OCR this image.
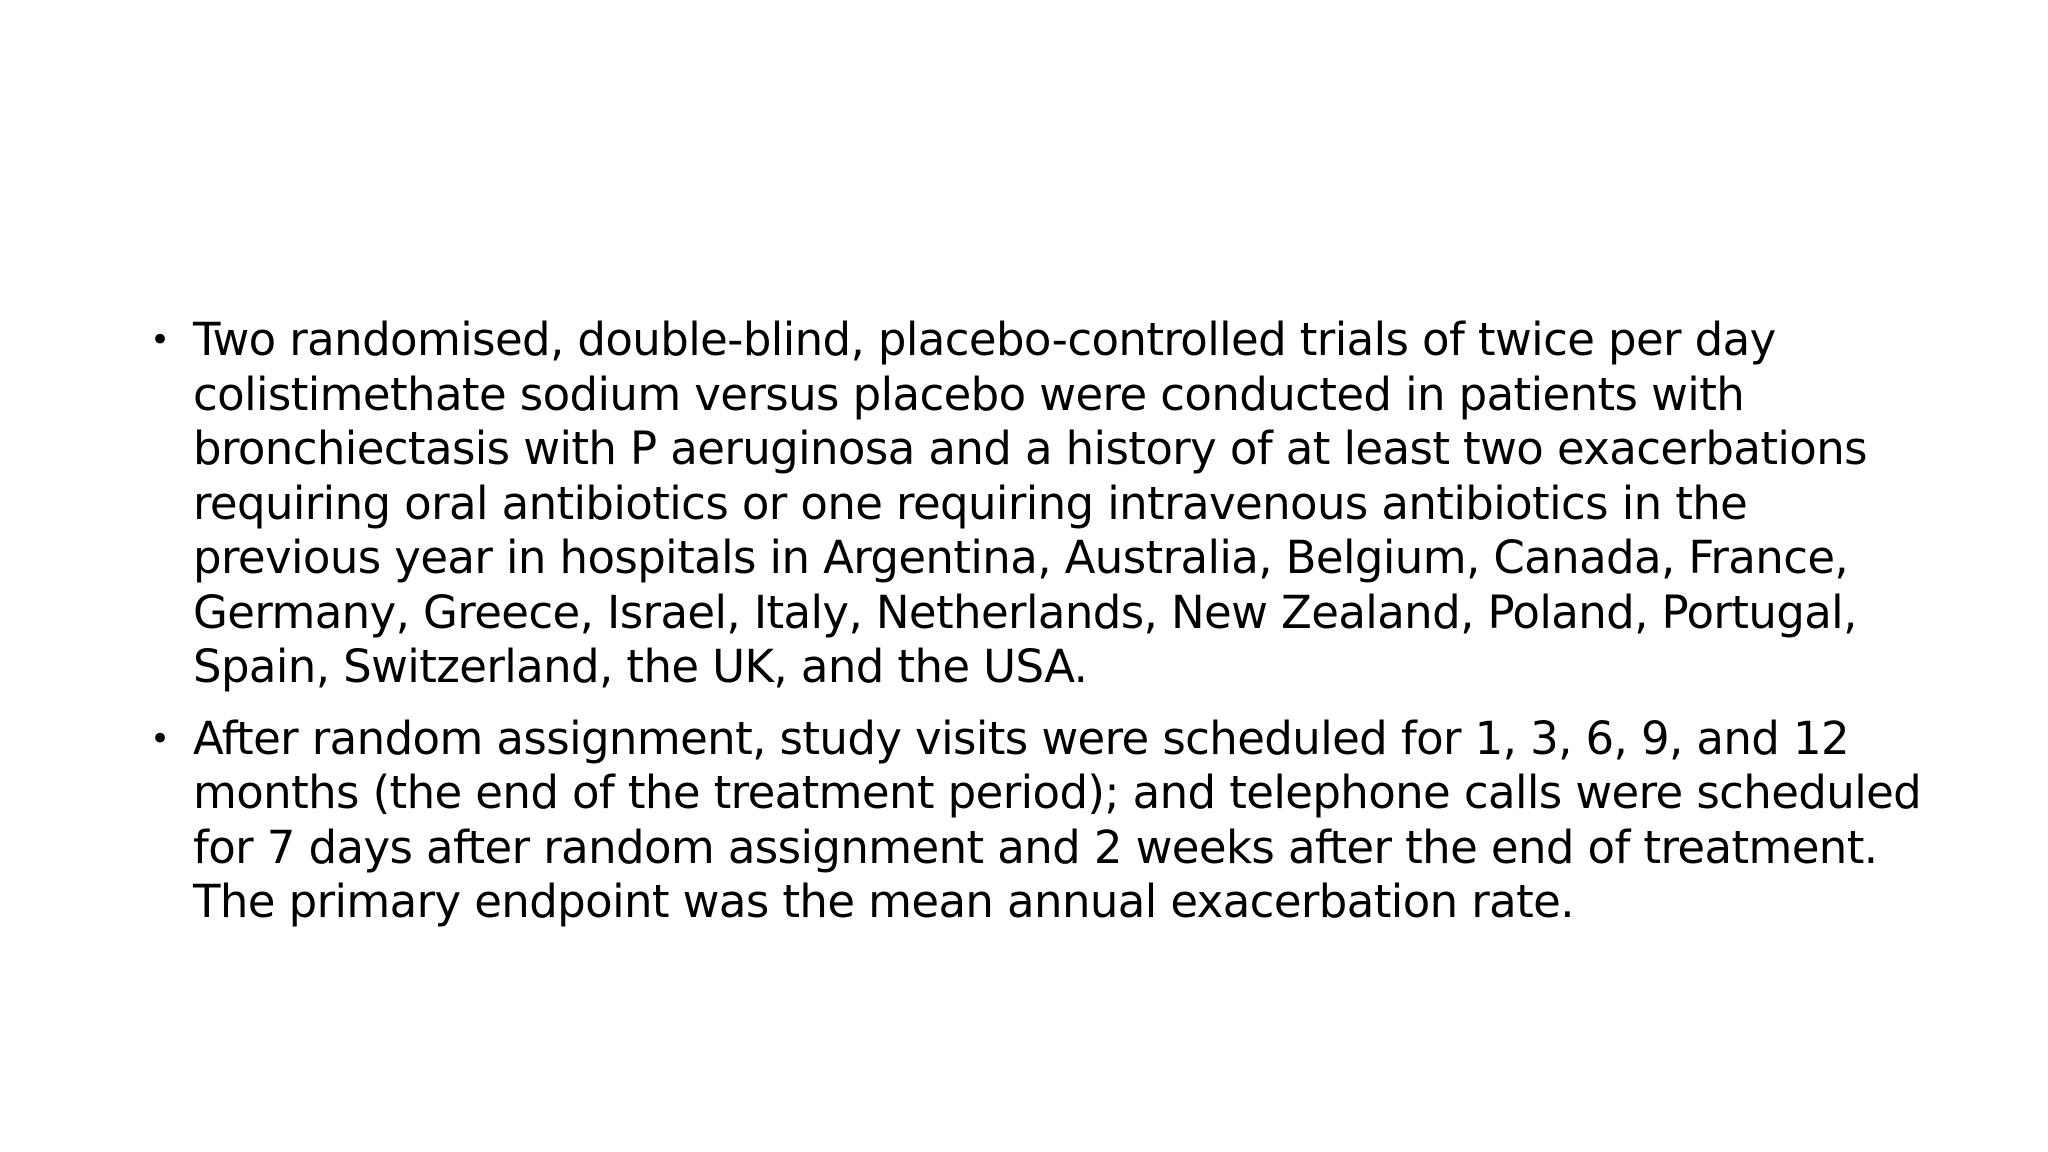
• Two randomised, double-blind, placebo-controlled trials of twice per day colistimethate sodium versus placebo were conducted in patients with bronchiectasis with P aeruginosa and a history of at least two exacerbations requiring oral antibiotics or one requiring intravenous antibiotics in the previous year in hospitals in Argentina, Australia, Belgium, Canada, France, Germany, Greece, Israel, Italy, Netherlands, New Zealand, Poland, Portugal, Spain, Switzerland, the UK, and the USA.
• After random assignment, study visits were scheduled for 1, 3, 6, 9, and 12 months (the end of the treatment period); and telephone calls were scheduled for 7 days after random assignment and 2 weeks after the end of treatment. The primary endpoint was the mean annual exacerbation rate.
